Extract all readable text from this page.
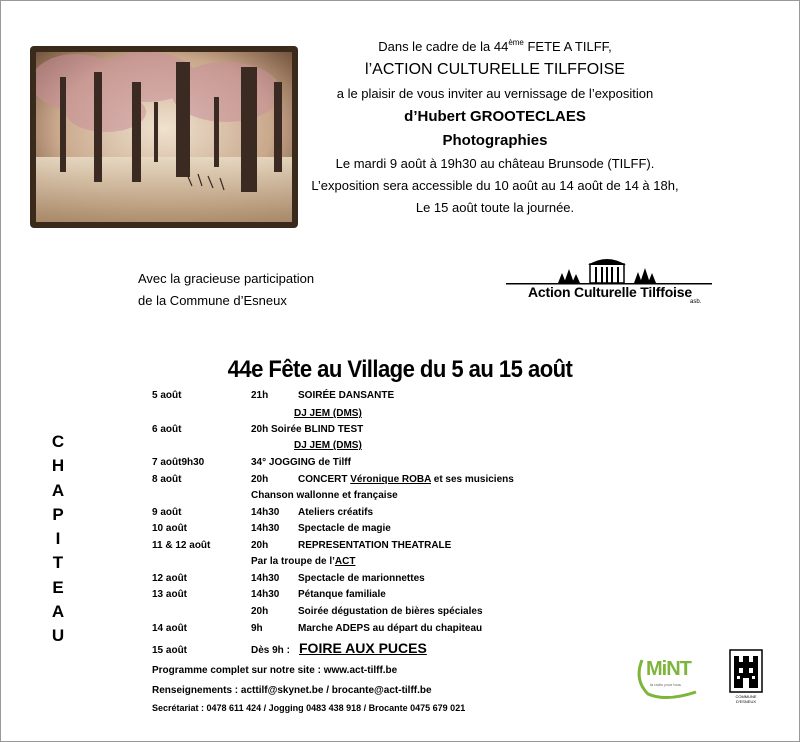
Dans le cadre de la 44ème FETE A TILFF,
l’ACTION CULTURELLE TILFFOISE
a le plaisir de vous inviter au vernissage de l’exposition
d’Hubert GROOTECLAES
Photographies
Le mardi 9 août à 19h30 au château Brunsode (TILFF).
L’exposition sera accessible du 10 août au 14 août de 14 à 18h,
Le 15 août toute la journée.
Avec la gracieuse participation
de la Commune d’Esneux
Action Culturelle Tilffoise
asb.
44e Fête au Village du 5 au 15 août
C
H
A
P
I
T
E
A
U
5 août	21h	SOIRÉE DANSANTE
DJ JEM (DMS)
6 août	20h Soirée BLIND TEST
DJ JEM (DMS)
7 août9h30	34° JOGGING de Tilff
8 août	20h	CONCERT Véronique ROBA et ses musiciens
Chanson wallonne et française
9 août	14h30 Ateliers créatifs
10 août	14h30 Spectacle de magie
11 & 12 août	20h	REPRESENTATION THEATRALE
Par la troupe de l’ACT
12 août	14h30 Spectacle de marionnettes
13 août	14h30 Pétanque familiale
20h	Soirée dégustation de bières spéciales
14 août	9h	Marche ADEPS au départ du chapiteau
15 août	Dès 9h : FOIRE AUX PUCES
Programme complet sur notre site : www.act-tilff.be
Renseignements : acttilf@skynet.be / brocante@act-tilff.be
Secrétariat : 0478 611 424 / Jogging 0483 438 918 / Brocante 0475 679 021
MiNT
la radio pour tous
COMMUNE D'ESNEUX
